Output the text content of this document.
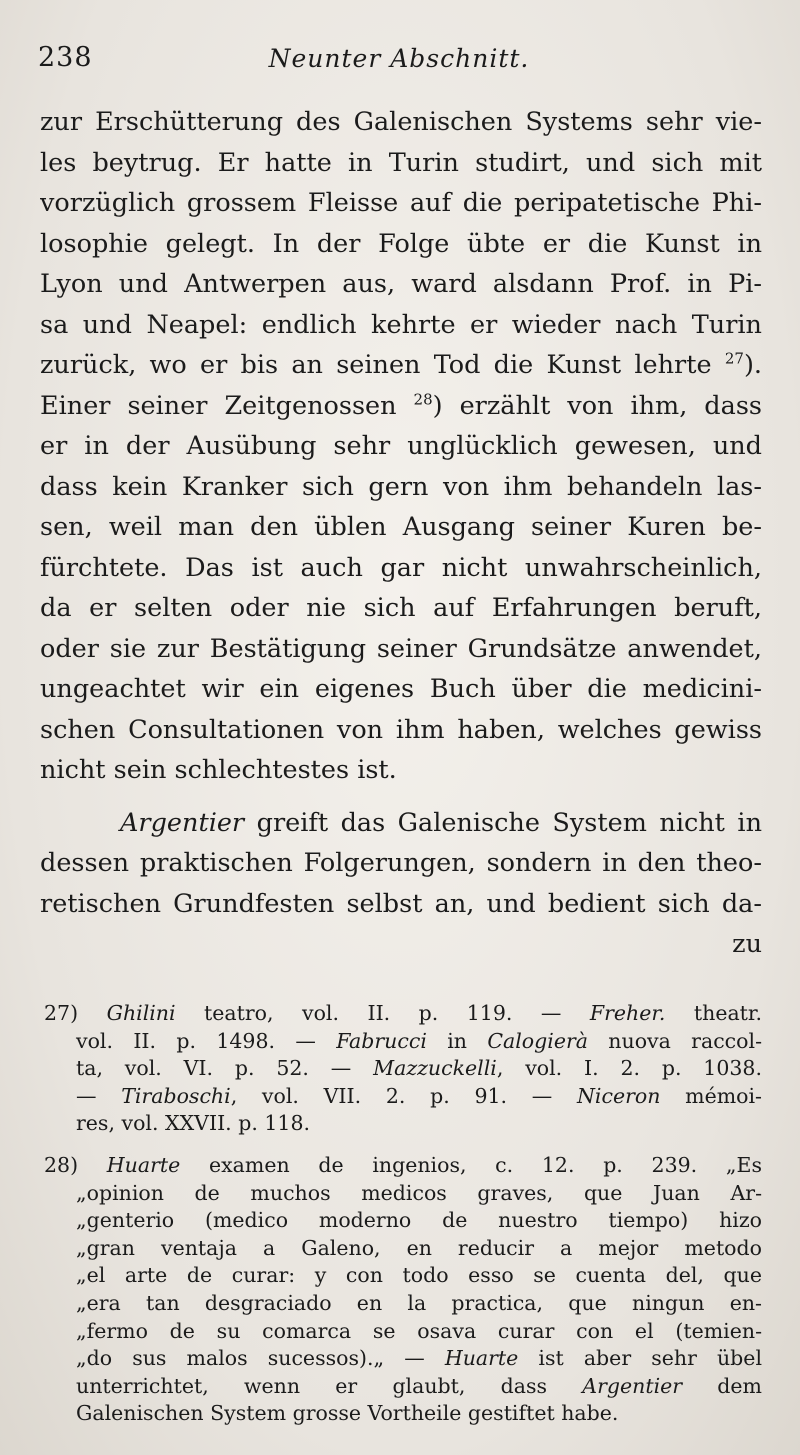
238	Neunter Abschnitt.
zur Erschütterung des Galenischen Systems sehr vie-
les beytrug. Er hatte in Turin studirt, und sich mit
vorzüglich grossem Fleisse auf die peripatetische Phi-
losophie gelegt. In der Folge übte er die Kunst in
Lyon und Antwerpen aus, ward alsdann Prof. in Pi-
sa und Neapel: endlich kehrte er wieder nach Turin
zurück, wo er bis an seinen Tod die Kunst lehrte $^{27}$).
Einer seiner Zeitgenossen $^{28}$) erzählt von ihm, dass
er in der Ausübung sehr unglücklich gewesen, und
dass kein Kranker sich gern von ihm behandeln las-
sen, weil man den üblen Ausgang seiner Kuren be-
fürchtete. Das ist auch gar nicht unwahrscheinlich,
da er selten oder nie sich auf Erfahrungen beruft,
oder sie zur Bestätigung seiner Grundsätze anwendet,
ungeachtet wir ein eigenes Buch über die medicini-
schen Consultationen von ihm haben, welches gewiss
nicht sein schlechtestes ist.
Argentier greift das Galenische System nicht in
dessen praktischen Folgerungen, sondern in den theo-
retischen Grundfesten selbst an, und bedient sich da-
zu
27) Ghilini teatro, vol. II. p. 119. — Freher. theatr.
vol. II. p. 1498. — Fabrucci in Calogierà nuova raccol-
ta, vol. VI. p. 52. — Mazzuckelli, vol. I. 2. p. 1038.
— Tiraboschi, vol. VII. 2. p. 91. — Niceron mémoi-
res, vol. XXVII. p. 118.
28) Huarte examen de ingenios, c. 12. p. 239. „Es
„opinion de muchos medicos graves, que Juan Ar-
„genterio (medico moderno de nuestro tiempo) hizo
„gran ventaja a Galeno, en reducir a mejor metodo
„el arte de curar: y con todo esso se cuenta del, que
„era tan desgraciado en la practica, que ningun en-
„fermo de su comarca se osava curar con el (temien-
„do sus malos sucessos).„ — Huarte ist aber sehr übel
unterrichtet, wenn er glaubt, dass Argentier dem
Galenischen System grosse Vortheile gestiftet habe.
